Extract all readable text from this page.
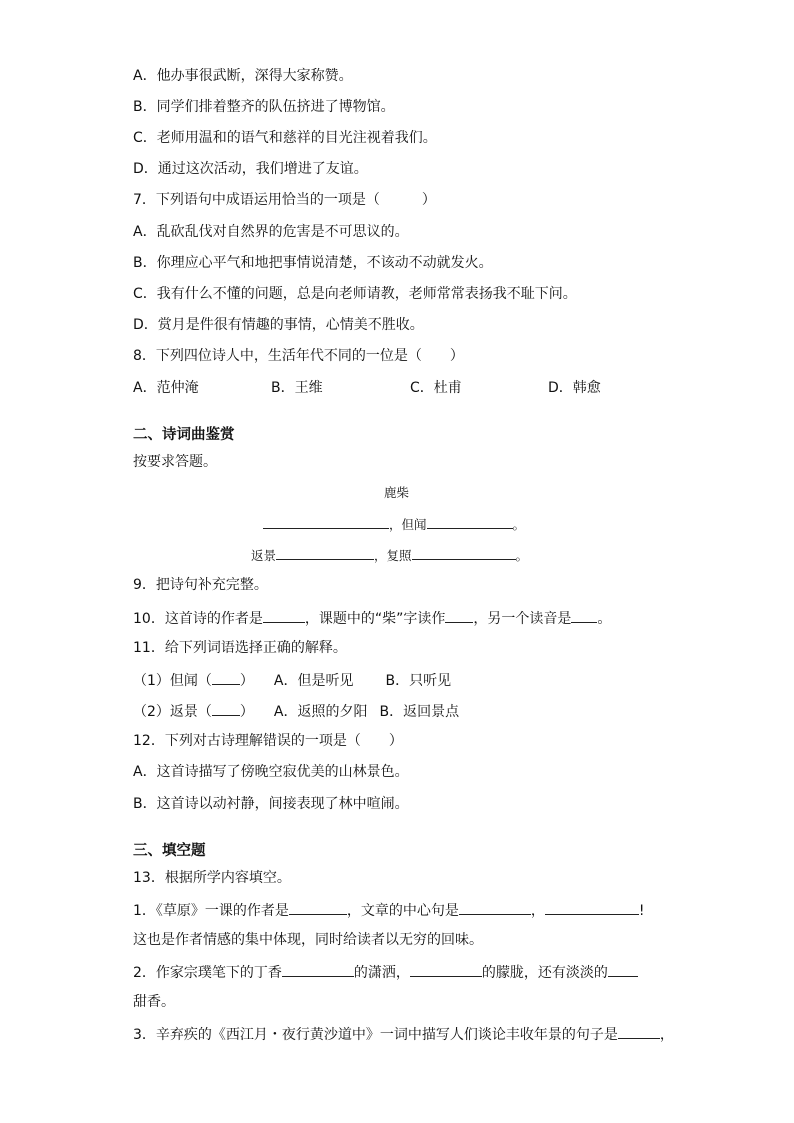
A．他办事很武断，深得大家称赞。
B．同学们排着整齐的队伍挤进了博物馆。
C．老师用温和的语气和慈祥的目光注视着我们。
D．通过这次活动，我们增进了友谊。
7．下列语句中成语运用恰当的一项是（　　　）
A．乱砍乱伐对自然界的危害是不可思议的。
B．你理应心平气和地把事情说清楚，不该动不动就发火。
C．我有什么不懂的问题，总是向老师请教，老师常常表扬我不耻下问。
D．赏月是件很有情趣的事情，心情美不胜收。
8．下列四位诗人中，生活年代不同的一位是（　　）
A．范仲淹	B．王维	C．杜甫	D．韩愈
二、诗词曲鉴赏
按要求答题。
鹿柴
，但闻	。
返景	，复照	。
9．把诗句补充完整。
10．这首诗的作者是	，课题中的“柴”字读作 ，另一个读音是 。
11．给下列词语选择正确的解释。
（1）但闻（ ） A．但是听见 B．只听见
（2）返景（ ） A．返照的夕阳 B．返回景点
12．下列对古诗理解错误的一项是（　　）
A．这首诗描写了傍晚空寂优美的山林景色。
B．这首诗以动衬静，间接表现了林中喧闹。
三、填空题
13．根据所学内容填空。
1．《草原》一课的作者是	，文章的中心句是	，	!
这也是作者情感的集中体现，同时给读者以无穷的回味。
2．作家宗璞笔下的丁香	的潇洒，	的朦胧，还有淡淡的
甜香。
3．辛弃疾的《西江月・夜行黄沙道中》一词中描写人们谈论丰收年景的句子是	，
